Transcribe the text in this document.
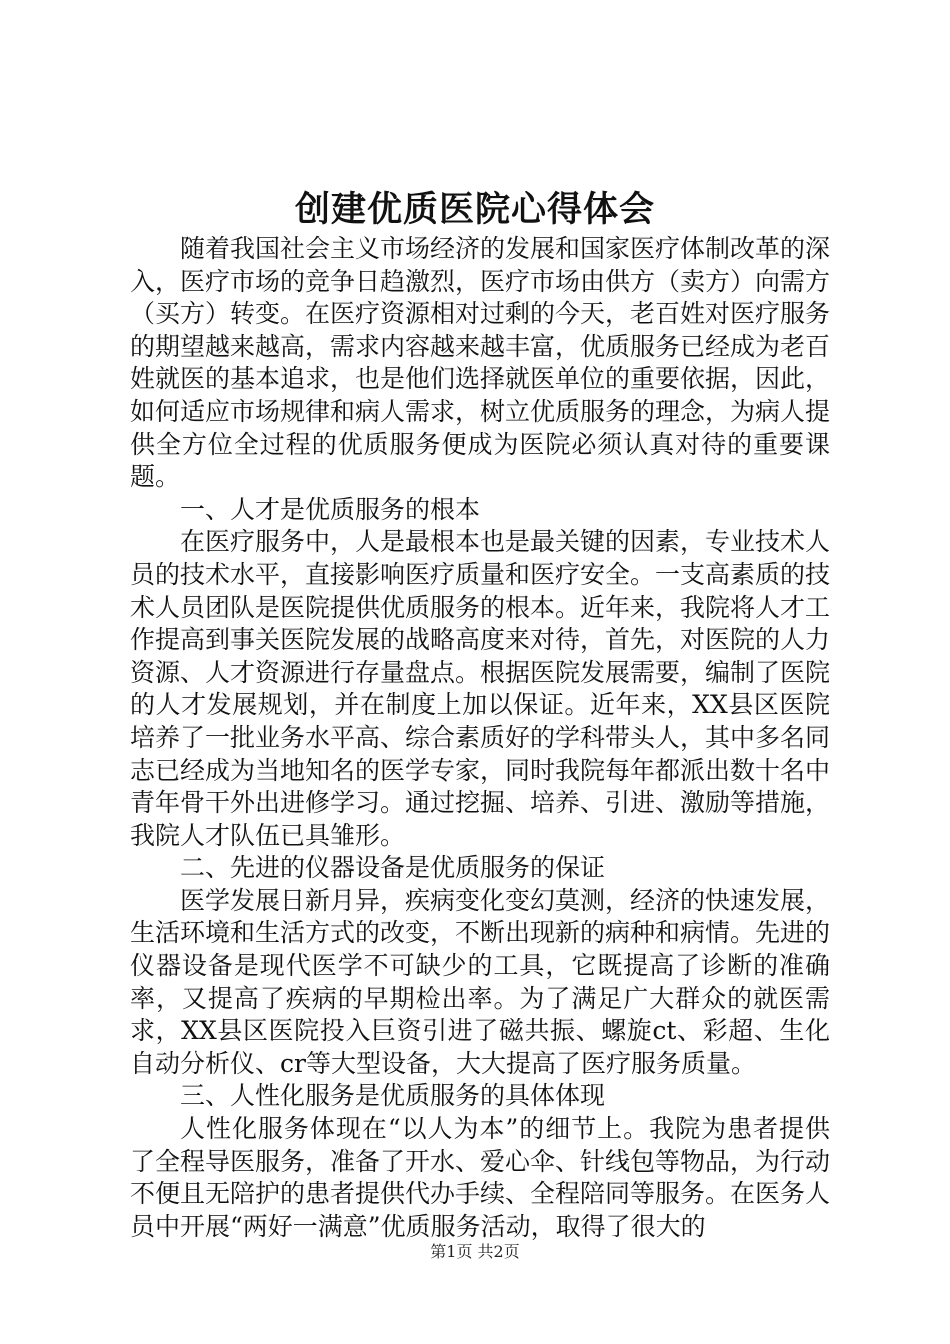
创建优质医院心得体会

随着我国社会主义市场经济的发展和国家医疗体制改革的深入，医疗市场的竞争日趋激烈，医疗市场由供方（卖方）向需方（买方）转变。在医疗资源相对过剩的今天，老百姓对医疗服务的期望越来越高，需求内容越来越丰富，优质服务已经成为老百姓就医的基本追求，也是他们选择就医单位的重要依据，因此，如何适应市场规律和病人需求，树立优质服务的理念，为病人提供全方位全过程的优质服务便成为医院必须认真对待的重要课题。

一、人才是优质服务的根本

在医疗服务中，人是最根本也是最关键的因素，专业技术人员的技术水平，直接影响医疗质量和医疗安全。一支高素质的技术人员团队是医院提供优质服务的根本。近年来，我院将人才工作提高到事关医院发展的战略高度来对待，首先，对医院的人力资源、人才资源进行存量盘点。根据医院发展需要，编制了医院的人才发展规划，并在制度上加以保证。近年来，XX县区医院培养了一批业务水平高、综合素质好的学科带头人，其中多名同志已经成为当地知名的医学专家，同时我院每年都派出数十名中青年骨干外出进修学习。通过挖掘、培养、引进、激励等措施，我院人才队伍已具雏形。

二、先进的仪器设备是优质服务的保证

医学发展日新月异，疾病变化变幻莫测，经济的快速发展，生活环境和生活方式的改变，不断出现新的病种和病情。先进的仪器设备是现代医学不可缺少的工具，它既提高了诊断的准确率，又提高了疾病的早期检出率。为了满足广大群众的就医需求，XX县区医院投入巨资引进了磁共振、螺旋ct、彩超、生化自动分析仪、cr等大型设备，大大提高了医疗服务质量。

三、人性化服务是优质服务的具体体现

人性化服务体现在“以人为本”的细节上。我院为患者提供了全程导医服务，准备了开水、爱心伞、针线包等物品，为行动不便且无陪护的患者提供代办手续、全程陪同等服务。在医务人员中开展“两好一满意”优质服务活动，取得了很大的

第1页 共2页
